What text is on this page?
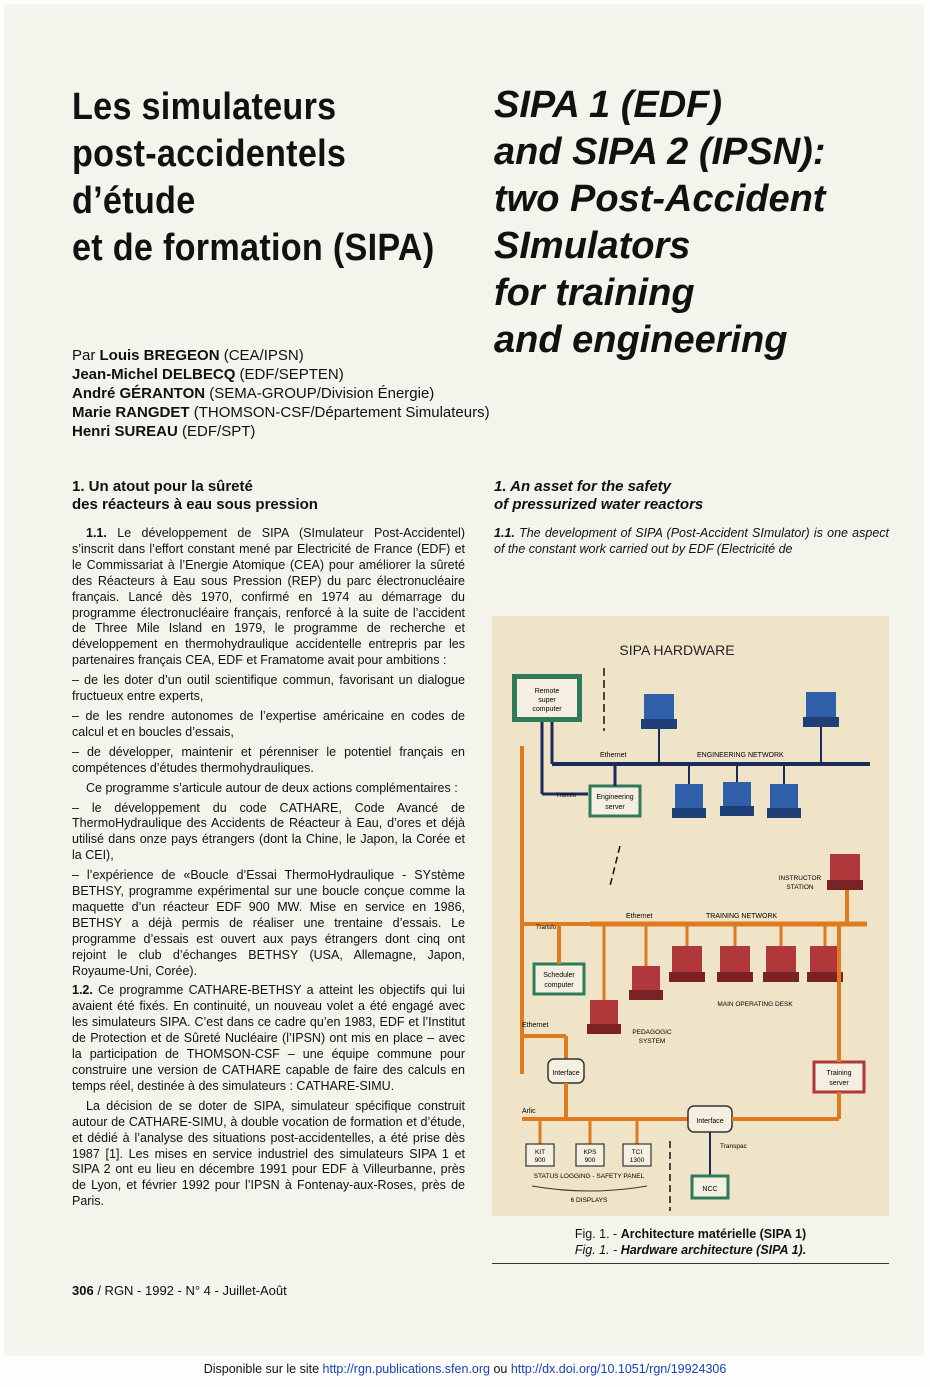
Les simulateurs
post-accidentels
d’étude
et de formation (SIPA)
SIPA 1 (EDF)
and SIPA 2 (IPSN):
two Post-Accident
SImulators
for training
and engineering
Par Louis BREGEON (CEA/IPSN)
Jean-Michel DELBECQ (EDF/SEPTEN)
André GÉRANTON (SEMA-GROUP/Division Énergie)
Marie RANGDET (THOMSON-CSF/Département Simulateurs)
Henri SUREAU (EDF/SPT)
1. Un atout pour la sûreté
des réacteurs à eau sous pression
1. An asset for the safety
of pressurized water reactors

1.1. Le développement de SIPA (SImulateur Post-Accidentel) s’inscrit dans l’effort constant mené par Electricité de France (EDF) et le Commissariat à l’Energie Atomique (CEA) pour améliorer la sûreté des Réacteurs à Eau sous Pression (REP) du parc électronucléaire français. Lancé dès 1970, confirmé en 1974 au démarrage du programme électronucléaire français, renforcé à la suite de l’accident de Three Mile Island en 1979, le programme de recherche et développement en thermohydraulique accidentelle entrepris par les partenaires français CEA, EDF et Framatome avait pour ambitions :

– de les doter d’un outil scientifique commun, favorisant un dialogue fructueux entre experts,

– de les rendre autonomes de l’expertise américaine en codes de calcul et en boucles d’essais,

– de développer, maintenir et pérenniser le potentiel français en compétences d’études thermohydrauliques.

Ce programme s’articule autour de deux actions complémentaires :

– le développement du code CATHARE, Code Avancé de ThermoHydraulique des Accidents de Réacteur à Eau, d’ores et déjà utilisé dans onze pays étrangers (dont la Chine, le Japon, la Corée et la CEI),

– l’expérience de «Boucle d’Essai ThermoHydraulique - SYstème BETHSY, programme expérimental sur une boucle conçue comme la maquette d’un réacteur EDF 900 MW. Mise en service en 1986, BETHSY a déjà permis de réaliser une trentaine d’essais. Le programme d’essais est ouvert aux pays étrangers dont cinq ont rejoint le club d’échanges BETHSY (USA, Allemagne, Japon, Royaume-Uni, Corée).

1.2. Ce programme CATHARE-BETHSY a atteint les objectifs qui lui avaient été fixés. En continuité, un nouveau volet a été engagé avec les simulateurs SIPA. C’est dans ce cadre qu’en 1983, EDF et l’Institut de Protection et de Sûreté Nucléaire (l’IPSN) ont mis en place – avec la participation de THOMSON-CSF – une équipe commune pour construire une version de CATHARE capable de faire des calculs en temps réel, destinée à des simulateurs : CATHARE-SIMU.

La décision de se doter de SIPA, simulateur spécifique construit autour de CATHARE-SIMU, à double vocation de formation et d’étude, et dédié à l’analyse des situations post-accidentelles, a été prise dès 1987 [1]. Les mises en service industriel des simulateurs SIPA 1 et SIPA 2 ont eu lieu en décembre 1991 pour EDF à Villeurbanne, près de Lyon, et février 1992 pour l’IPSN à Fontenay-aux-Roses, près de Paris.

1.1. The development of SIPA (Post-Accident SImulator) is one aspect of the constant work carried out by EDF (Electricité de

SIPA HARDWARE
Remote
super
computer
Ethernet	ENGINEERING NETWORK
Transfo	Engineering
server
INSTRUCTOR
STATION
Ethernet	TRAINING NETWORK
Transfo
Scheduler
computer
MAIN OPERATING DESK
PEDAGOGIC
SYSTEM
Ethernet
Interface	Training
server
Arlic
Interface
KIT
900
KPS
900
TCI
1300
STATUS LOGGING - SAFETY PANEL
6 DISPLAYS
Transpac
NCC
Fig. 1. - Architecture matérielle (SIPA 1)
Fig. 1. - Hardware architecture (SIPA 1).
306 / RGN - 1992 - N° 4 - Juillet-Août
Disponible sur le site http://rgn.publications.sfen.org ou http://dx.doi.org/10.1051/rgn/19924306
